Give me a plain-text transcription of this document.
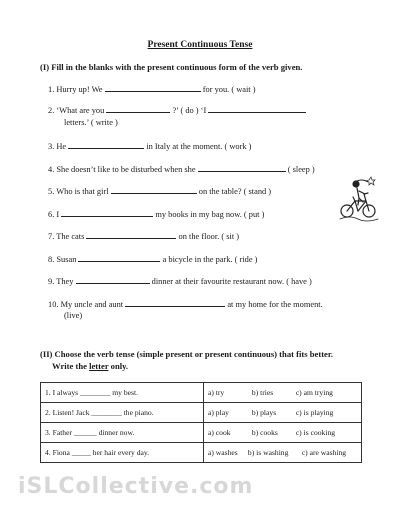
Present Continuous Tense
(I) Fill in the blanks with the present continuous form of the verb given.
1. Hurry up! We	for you. ( wait )
2. ‘What are you	?’ ( do ) ‘I
letters.’ ( write )
3. He	in Italy at the moment. ( work )
4. She doesn’t like to be disturbed when she	( sleep )
5. Who is that girl	on the table? ( stand )
6. I	my books in my bag now. ( put )
7. The cats	on the floor. ( sit )
8. Susan	a bicycle in the park. ( ride )
9. They	dinner at their favourite restaurant now. ( have )
10. My uncle and aunt	at my home for the moment.
(live)
(II) Choose the verb tense (simple present or present continuous) that fits better.
Write the letter only.
1. I always ________ my best.	a) try b) tries c) am trying
2. Listen! Jack ________ the piano.	a) play b) plays c) is playing
3. Father ______ dinner now.	a) cook b) cooks c) is cooking
4. Fiona _____ her hair every day.	a) washes b) is washing c) are washing
iSLCollective.com
